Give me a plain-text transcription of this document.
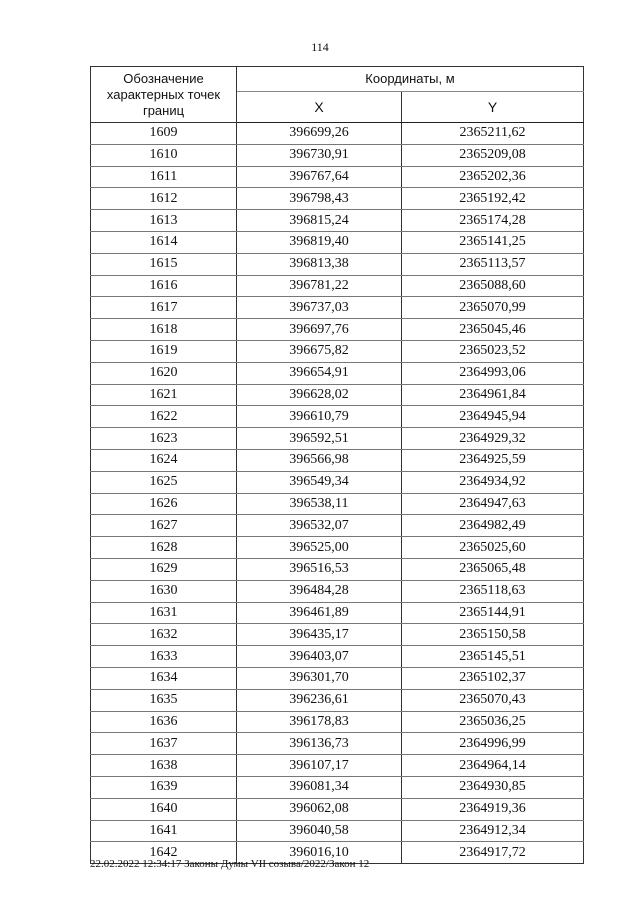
114
Обозначение характерных точек границ	Координаты, м	
	X	Y
1609	396699,26	2365211,62
1610	396730,91	2365209,08
1611	396767,64	2365202,36
1612	396798,43	2365192,42
1613	396815,24	2365174,28
1614	396819,40	2365141,25
1615	396813,38	2365113,57
1616	396781,22	2365088,60
1617	396737,03	2365070,99
1618	396697,76	2365045,46
1619	396675,82	2365023,52
1620	396654,91	2364993,06
1621	396628,02	2364961,84
1622	396610,79	2364945,94
1623	396592,51	2364929,32
1624	396566,98	2364925,59
1625	396549,34	2364934,92
1626	396538,11	2364947,63
1627	396532,07	2364982,49
1628	396525,00	2365025,60
1629	396516,53	2365065,48
1630	396484,28	2365118,63
1631	396461,89	2365144,91
1632	396435,17	2365150,58
1633	396403,07	2365145,51
1634	396301,70	2365102,37
1635	396236,61	2365070,43
1636	396178,83	2365036,25
1637	396136,73	2364996,99
1638	396107,17	2364964,14
1639	396081,34	2364930,85
1640	396062,08	2364919,36
1641	396040,58	2364912,34
1642	396016,10	2364917,72
22.02.2022 12:34:17 Законы Думы VII созыва/2022/Закон 12
